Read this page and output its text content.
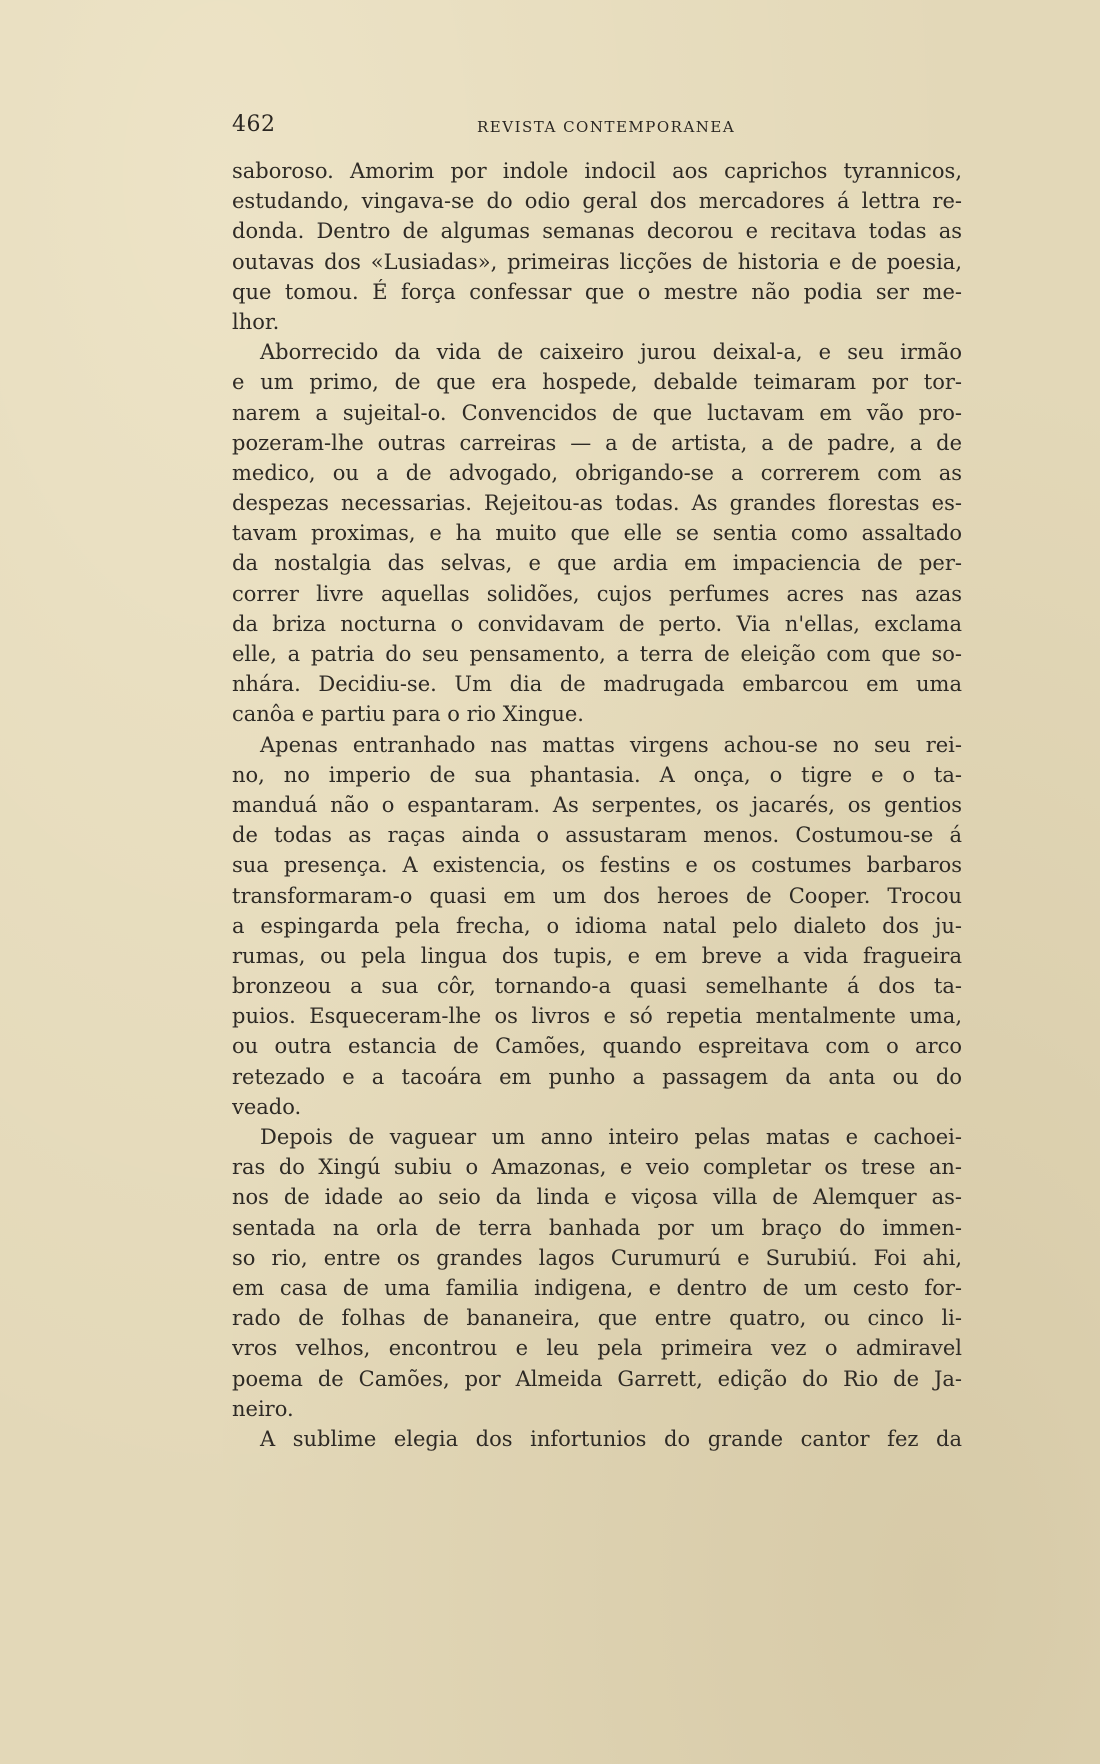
462	REVISTA CONTEMPORANEA

saboroso. Amorim por indole indocil aos caprichos tyrannicos,
estudando, vingava-se do odio geral dos mercadores á lettra re-
donda. Dentro de algumas semanas decorou e recitava todas as
outavas dos «Lusiadas», primeiras licções de historia e de poesia,
que tomou. É força confessar que o mestre não podia ser me-
lhor.

Aborrecido da vida de caixeiro jurou deixal-a, e seu irmão
e um primo, de que era hospede, debalde teimaram por tor-
narem a sujeital-o. Convencidos de que luctavam em vão pro-
pozeram-lhe outras carreiras — a de artista, a de padre, a de
medico, ou a de advogado, obrigando-se a correrem com as
despezas necessarias. Rejeitou-as todas. As grandes florestas es-
tavam proximas, e ha muito que elle se sentia como assaltado
da nostalgia das selvas, e que ardia em impaciencia de per-
correr livre aquellas solidões, cujos perfumes acres nas azas
da briza nocturna o convidavam de perto. Via n'ellas, exclama
elle, a patria do seu pensamento, a terra de eleição com que so-
nhára. Decidiu-se. Um dia de madrugada embarcou em uma
canôa e partiu para o rio Xingue.

Apenas entranhado nas mattas virgens achou-se no seu rei-
no, no imperio de sua phantasia. A onça, o tigre e o ta-
manduá não o espantaram. As serpentes, os jacarés, os gentios
de todas as raças ainda o assustaram menos. Costumou-se á
sua presença. A existencia, os festins e os costumes barbaros
transformaram-o quasi em um dos heroes de Cooper. Trocou
a espingarda pela frecha, o idioma natal pelo dialeto dos ju-
rumas, ou pela lingua dos tupis, e em breve a vida fragueira
bronzeou a sua côr, tornando-a quasi semelhante á dos ta-
puios. Esqueceram-lhe os livros e só repetia mentalmente uma,
ou outra estancia de Camões, quando espreitava com o arco
retezado e a tacoára em punho a passagem da anta ou do
veado.

Depois de vaguear um anno inteiro pelas matas e cachoei-
ras do Xingú subiu o Amazonas, e veio completar os trese an-
nos de idade ao seio da linda e viçosa villa de Alemquer as-
sentada na orla de terra banhada por um braço do immen-
so rio, entre os grandes lagos Curumurú e Surubiú. Foi ahi,
em casa de uma familia indigena, e dentro de um cesto for-
rado de folhas de bananeira, que entre quatro, ou cinco li-
vros velhos, encontrou e leu pela primeira vez o admiravel
poema de Camões, por Almeida Garrett, edição do Rio de Ja-
neiro.

A sublime elegia dos infortunios do grande cantor fez da
